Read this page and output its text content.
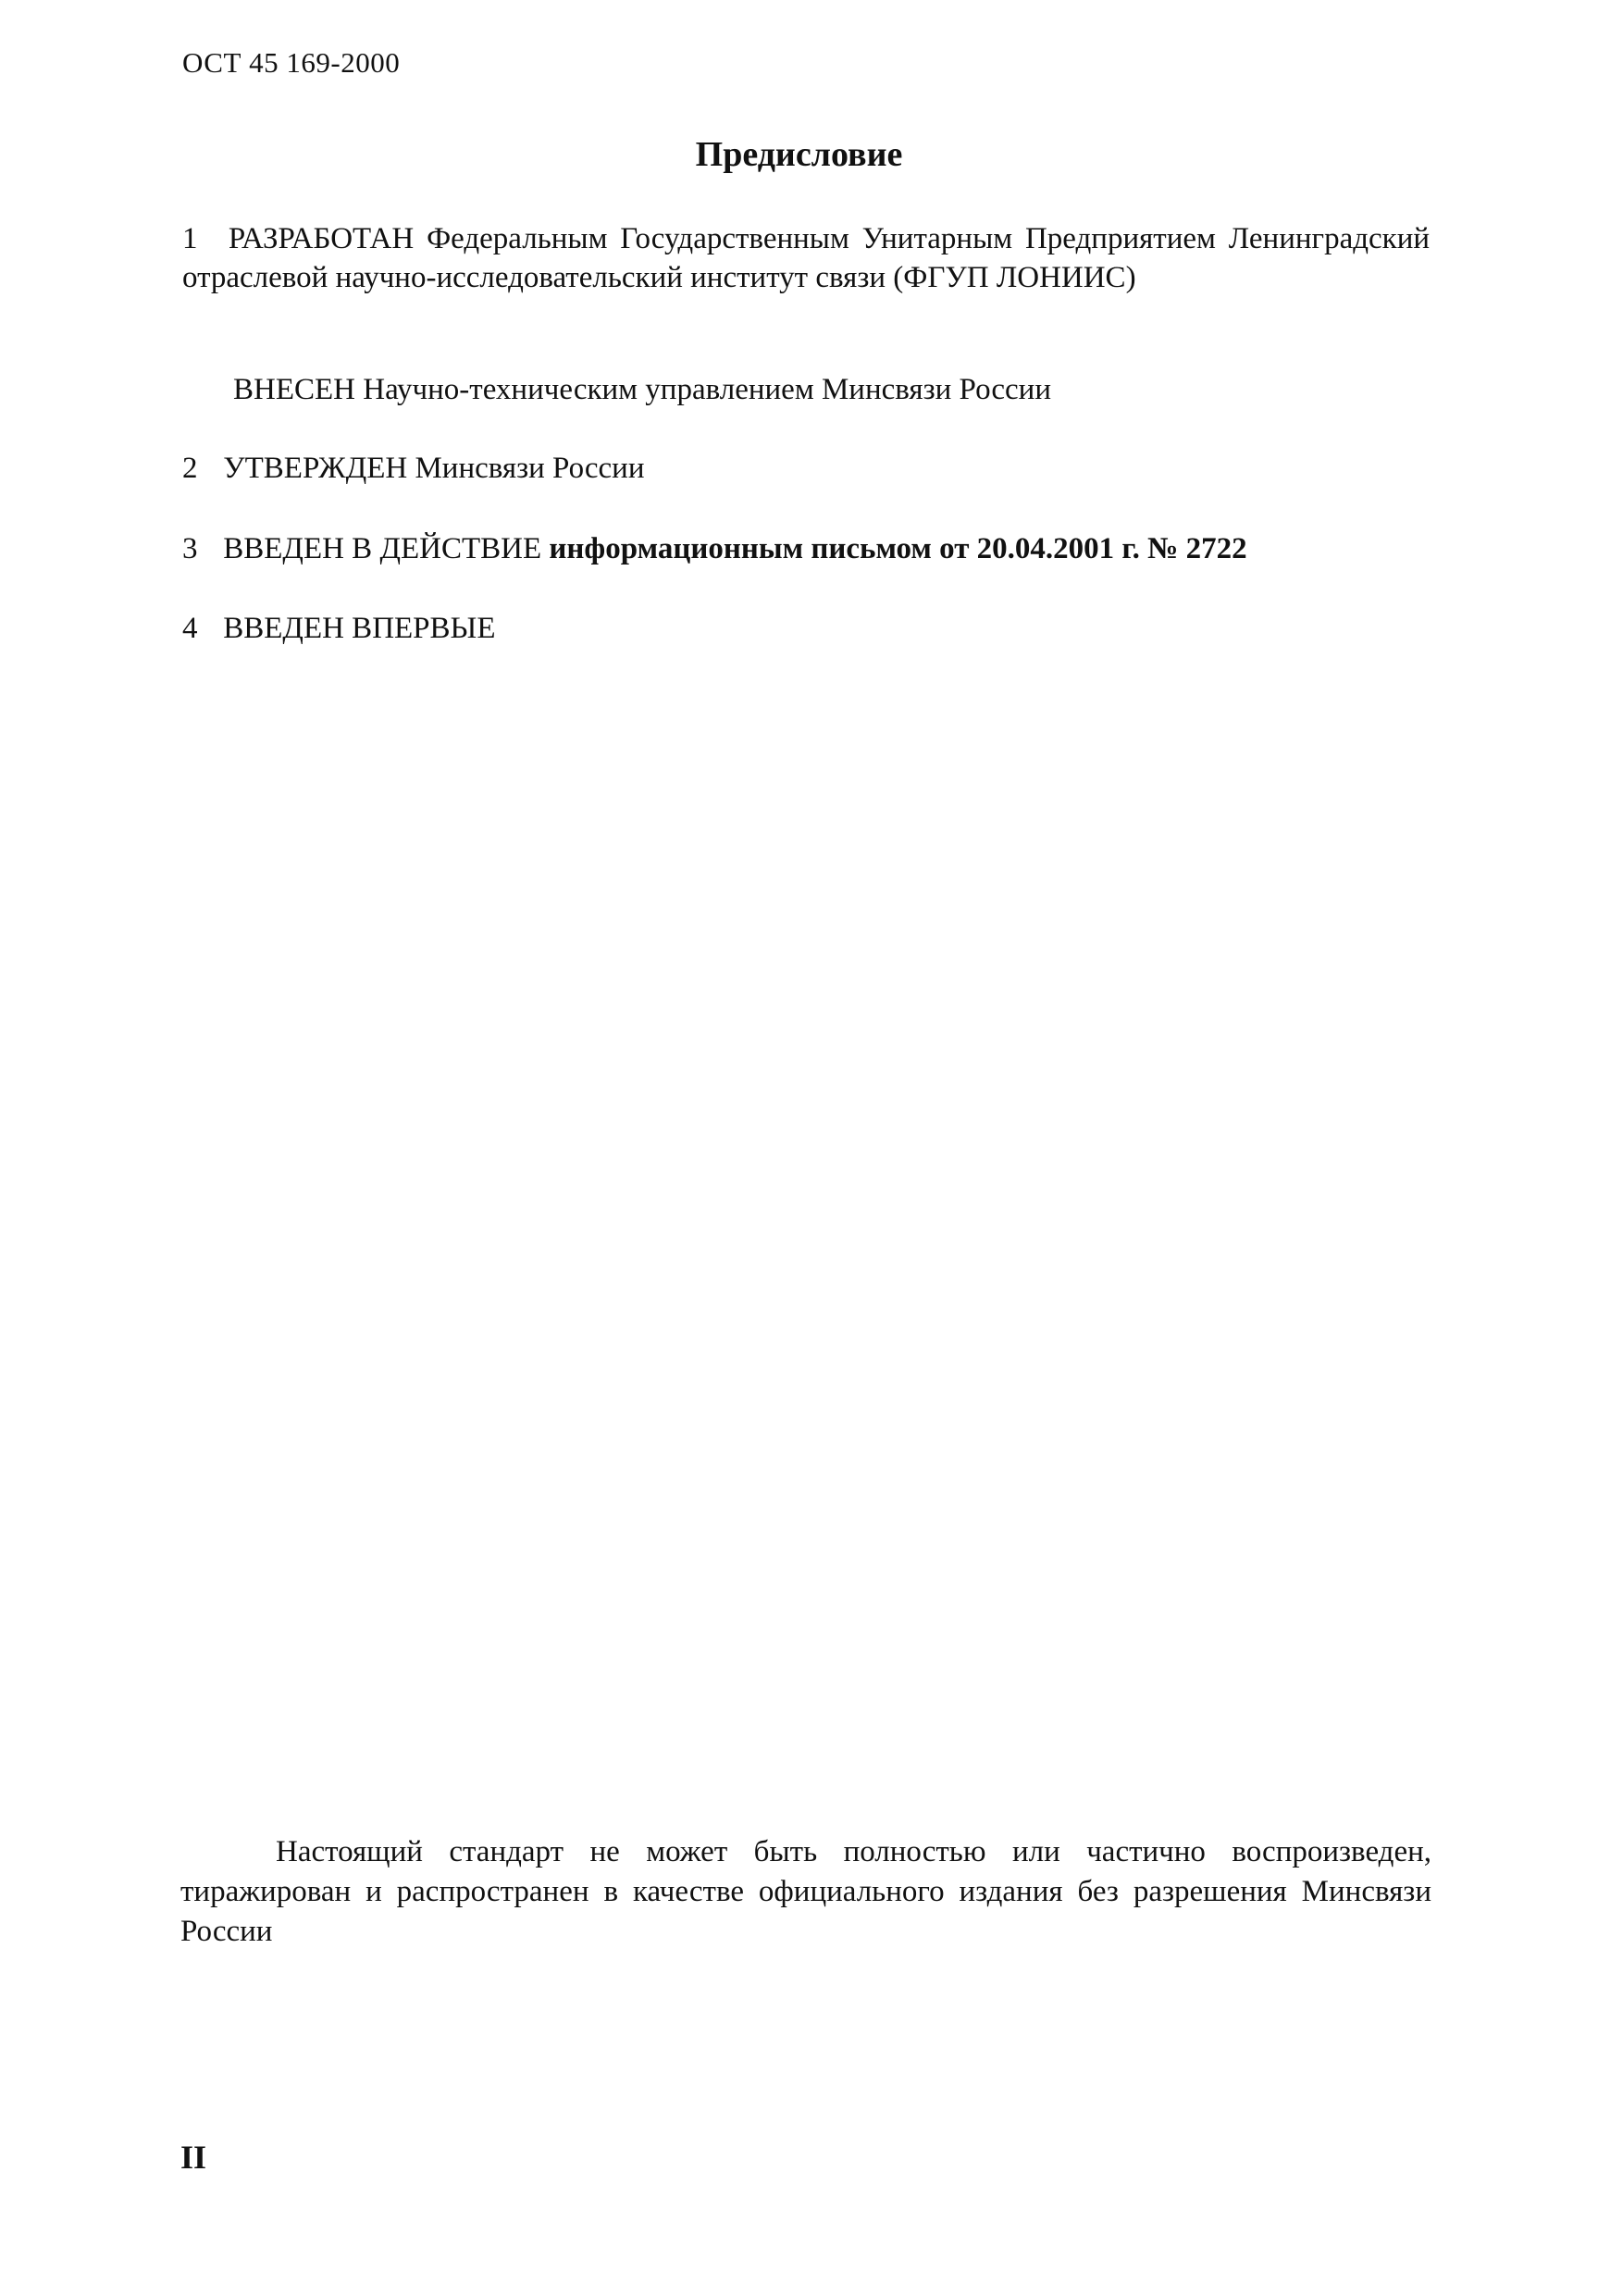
ОСТ 45 169-2000
Предисловие
1 РАЗРАБОТАН Федеральным Государственным Унитарным Предприятием Ленинградский отраслевой научно-исследовательский институт связи (ФГУП ЛОНИИС)
ВНЕСЕН Научно-техническим управлением Минсвязи России
2 УТВЕРЖДЕН Минсвязи России
3 ВВЕДЕН В ДЕЙСТВИЕ информационным письмом от 20.04.2001 г. № 2722
4 ВВЕДЕН ВПЕРВЫЕ
Настоящий стандарт не может быть полностью или частично воспроизведен, тиражирован и распространен в качестве официального издания без разрешения Минсвязи России
II
